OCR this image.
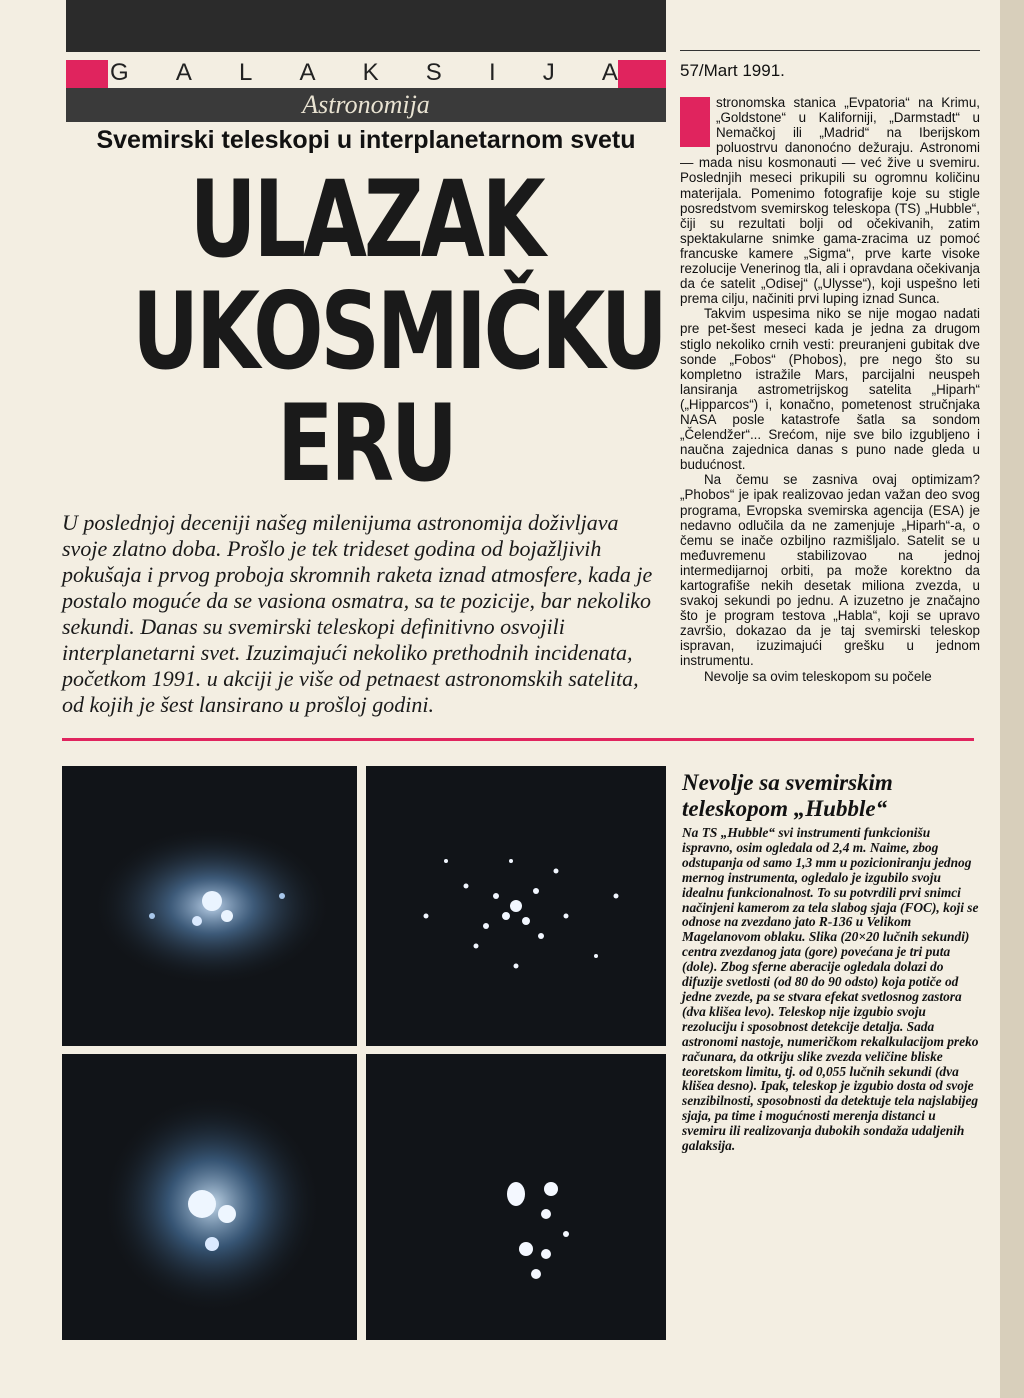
G A L A K S I J A
Astronomija
Svemirski teleskopi u interplanetarnom svetu
ULAZAK
UKOSMIČKU
ERU
U poslednjoj deceniji našeg milenijuma astronomija doživljava svoje zlatno doba. Prošlo je tek trideset godina od bojažljivih pokušaja i prvog proboja skromnih raketa iznad atmosfere, kada je postalo moguće da se vasiona osmatra, sa te pozicije, bar nekoliko sekundi. Danas su svemirski teleskopi definitivno osvojili interplanetarni svet. Izuzimajući nekoliko prethodnih incidenata, početkom 1991. u akciji je više od petnaest astronomskih satelita, od kojih je šest lansirano u prošloj godini.
57/Mart 1991.

A	stronomska stanica „Evpatoria“ na Krimu, „Goldstone“ u Kaliforniji, „Darmstadt“ u Nemačkoj ili „Madrid“ na Iberijskom poluostrvu danonoćno dežuraju. Astronomi — mada nisu kosmonauti — već žive u svemiru. Poslednjih meseci prikupili su ogromnu količinu materijala. Pomenimo fotografije koje su stigle posredstvom svemirskog teleskopa (TS) „Hubble“, čiji su rezultati bolji od očekivanih, zatim spektakularne snimke gama-zracima uz pomoć francuske kamere „Sigma“, prve karte visoke rezolucije Venerinog tla, ali i opravdana očekivanja da će satelit „Odisej“ („Ulysse“), koji uspešno leti prema cilju, načiniti prvi luping iznad Sunca.

Takvim uspesima niko se nije mogao nadati pre pet-šest meseci kada je jedna za drugom stiglo nekoliko crnih vesti: preuranjeni gubitak dve sonde „Fobos“ (Phobos), pre nego što su kompletno istražile Mars, parcijalni neuspeh lansiranja astrometrijskog satelita „Hiparh“ („Hipparcos“) i, konačno, pometenost stručnjaka NASA posle katastrofe šatla sa sondom „Čelendžer“... Srećom, nije sve bilo izgubljeno i naučna zajednica danas s puno nade gleda u budućnost.

Na čemu se zasniva ovaj optimizam? „Phobos“ je ipak realizovao jedan važan deo svog programa, Evropska svemirska agencija (ESA) je nedavno odlučila da ne zamenjuje „Hiparh“-a, o čemu se inače ozbiljno razmišljalo. Satelit se u međuvremenu stabilizovao na jednoj intermedijarnoj orbiti, pa može korektno da kartografiše nekih desetak miliona zvezda, u svakoj sekundi po jednu. A izuzetno je značajno što je program testova „Habla“, koji se upravo završio, dokazao da je taj svemirski teleskop ispravan, izuzimajući grešku u jednom instrumentu.

Nevolje sa ovim teleskopom su počele

Nevolje sa svemirskim teleskopom „Hubble“
Na TS „Hubble“ svi instrumenti funkcionišu ispravno, osim ogledala od 2,4 m. Naime, zbog odstupanja od samo 1,3 mm u pozicioniranju jednog mernog instrumenta, ogledalo je izgubilo svoju idealnu funkcionalnost. To su potvrdili prvi snimci načinjeni kamerom za tela slabog sjaja (FOC), koji se odnose na zvezdano jato R-136 u Velikom Magelanovom oblaku. Slika (20×20 lučnih sekundi) centra zvezdanog jata (gore) povećana je tri puta (dole). Zbog sferne aberacije ogledala dolazi do difuzije svetlosti (od 80 do 90 odsto) koja potiče od jedne zvezde, pa se stvara efekat svetlosnog zastora (dva klišea levo). Teleskop nije izgubio svoju rezoluciju i sposobnost detekcije detalja. Sada astronomi nastoje, numeričkom rekalkulacijom preko računara, da otkriju slike zvezda veličine bliske teoretskom limitu, tj. od 0,055 lučnih sekundi (dva klišea desno). Ipak, teleskop je izgubio dosta od svoje senzibilnosti, sposobnosti da detektuje tela najslabijeg sjaja, pa time i mogućnosti merenja distanci u svemiru ili realizovanja dubokih sondaža udaljenih galaksija.
